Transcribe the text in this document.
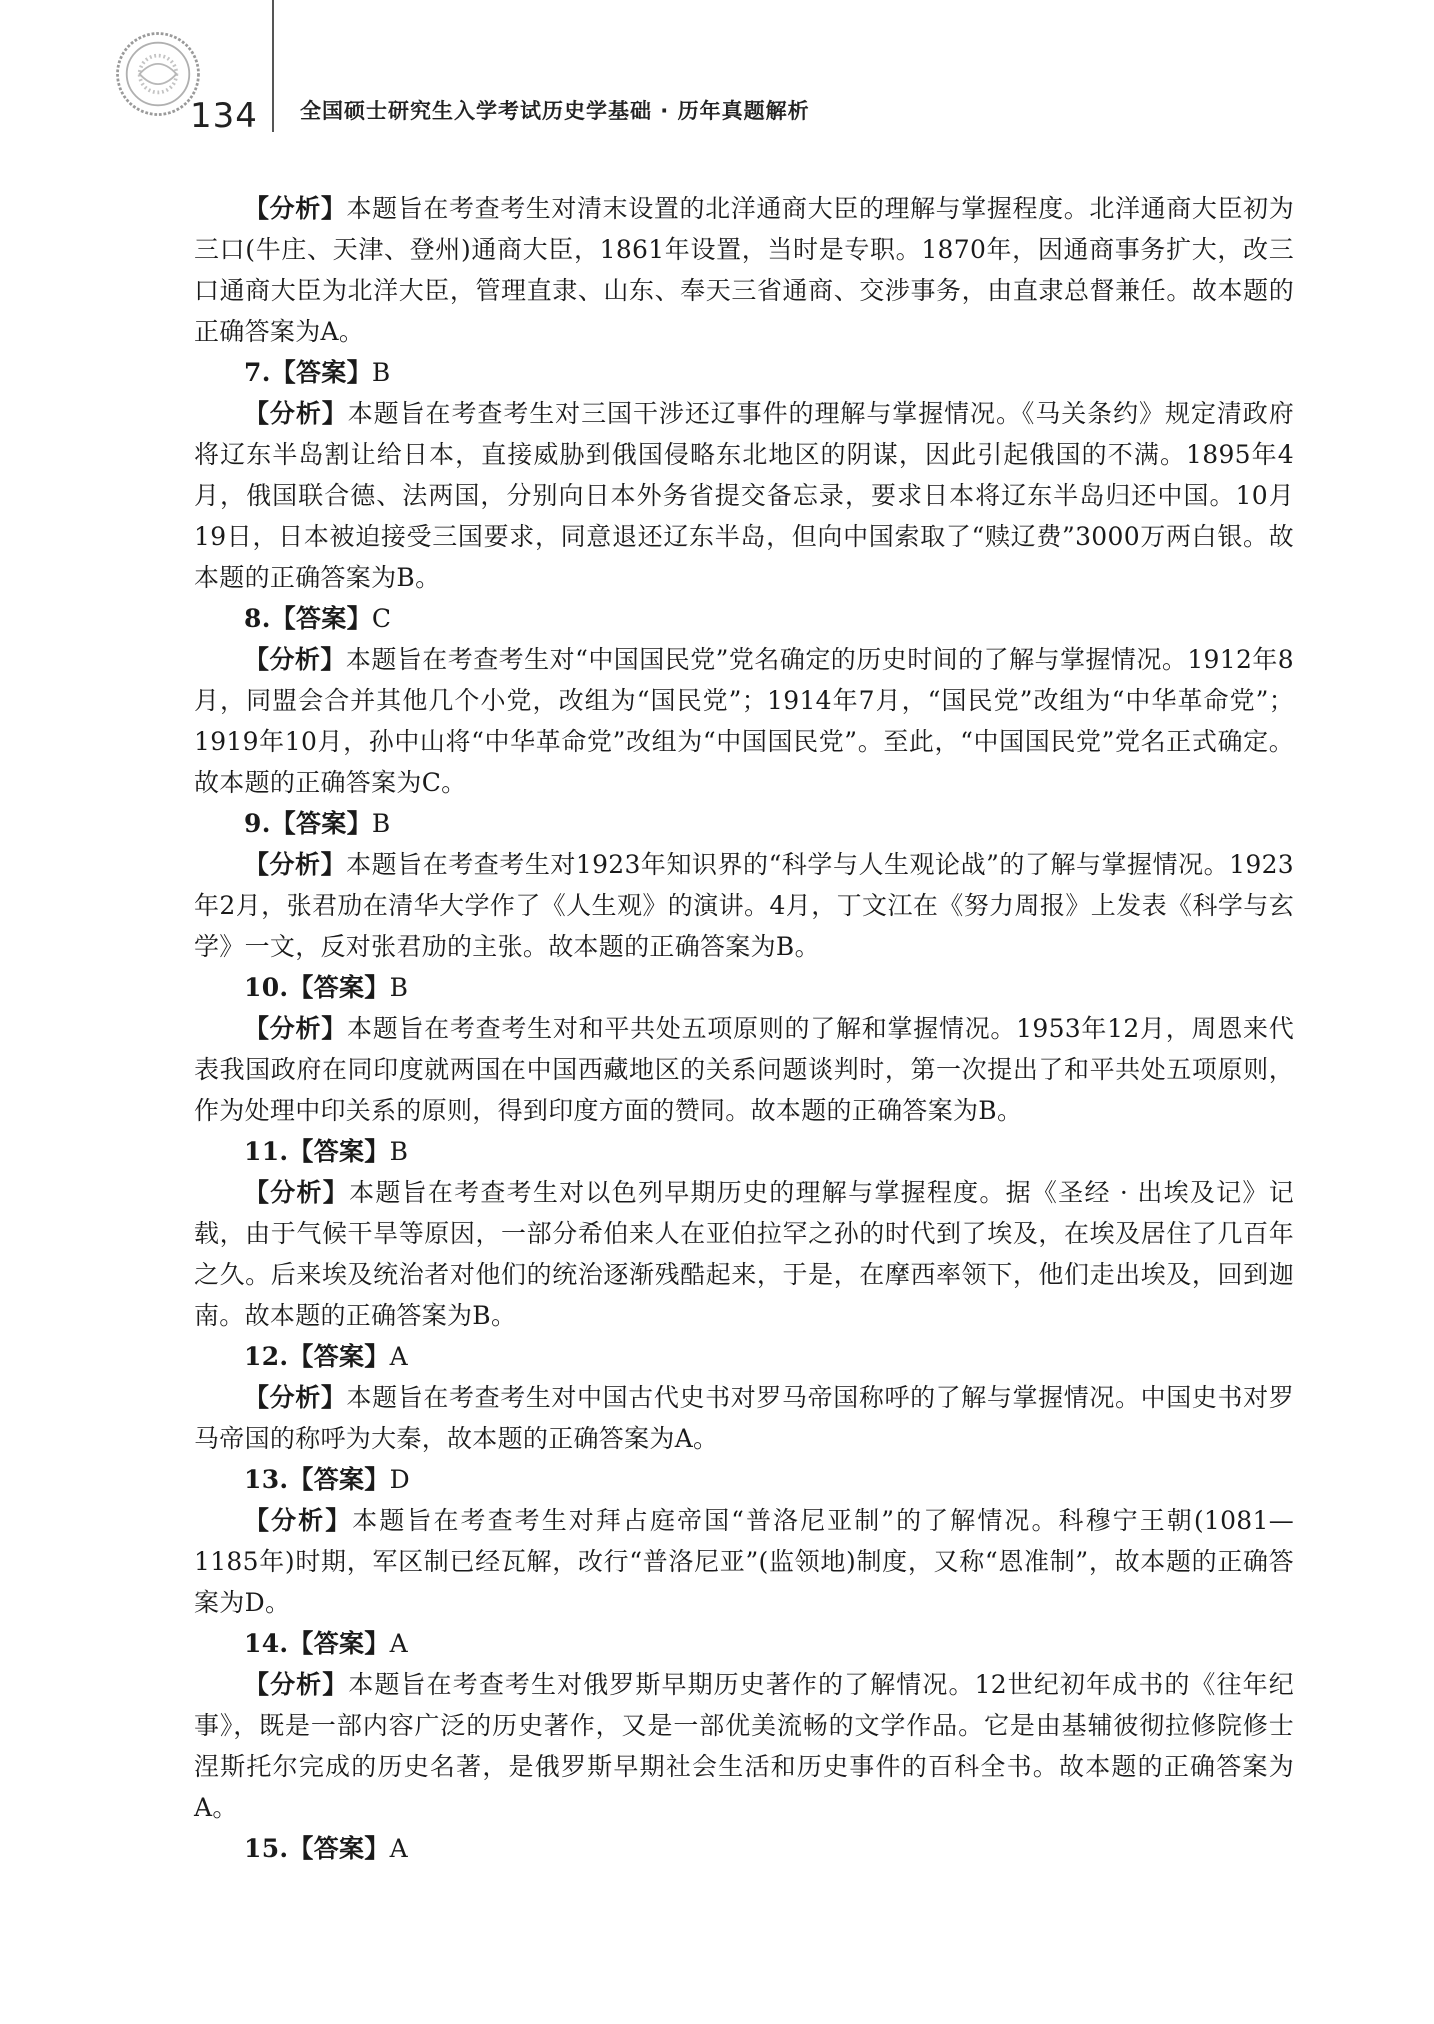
134 全国硕士研究生入学考试历史学基础 · 历年真题解析

【分析】本题旨在考查考生对清末设置的北洋通商大臣的理解与掌握程度。北洋通商大臣初为三口(牛庄、天津、登州)通商大臣，1861年设置，当时是专职。1870年，因通商事务扩大，改三口通商大臣为北洋大臣，管理直隶、山东、奉天三省通商、交涉事务，由直隶总督兼任。故本题的正确答案为A。

7.【答案】B

【分析】本题旨在考查考生对三国干涉还辽事件的理解与掌握情况。《马关条约》规定清政府将辽东半岛割让给日本，直接威胁到俄国侵略东北地区的阴谋，因此引起俄国的不满。1895年4月，俄国联合德、法两国，分别向日本外务省提交备忘录，要求日本将辽东半岛归还中国。10月19日，日本被迫接受三国要求，同意退还辽东半岛，但向中国索取了“赎辽费”3000万两白银。故本题的正确答案为B。

8.【答案】C

【分析】本题旨在考查考生对“中国国民党”党名确定的历史时间的了解与掌握情况。1912年8月，同盟会合并其他几个小党，改组为“国民党”；1914年7月，“国民党”改组为“中华革命党”；1919年10月，孙中山将“中华革命党”改组为“中国国民党”。至此，“中国国民党”党名正式确定。故本题的正确答案为C。

9.【答案】B

【分析】本题旨在考查考生对1923年知识界的“科学与人生观论战”的了解与掌握情况。1923年2月，张君劢在清华大学作了《人生观》的演讲。4月，丁文江在《努力周报》上发表《科学与玄学》一文，反对张君劢的主张。故本题的正确答案为B。

10.【答案】B

【分析】本题旨在考查考生对和平共处五项原则的了解和掌握情况。1953年12月，周恩来代表我国政府在同印度就两国在中国西藏地区的关系问题谈判时，第一次提出了和平共处五项原则，作为处理中印关系的原则，得到印度方面的赞同。故本题的正确答案为B。

11.【答案】B

【分析】本题旨在考查考生对以色列早期历史的理解与掌握程度。据《圣经 · 出埃及记》记载，由于气候干旱等原因，一部分希伯来人在亚伯拉罕之孙的时代到了埃及，在埃及居住了几百年之久。后来埃及统治者对他们的统治逐渐残酷起来，于是，在摩西率领下，他们走出埃及，回到迦南。故本题的正确答案为B。

12.【答案】A

【分析】本题旨在考查考生对中国古代史书对罗马帝国称呼的了解与掌握情况。中国史书对罗马帝国的称呼为大秦，故本题的正确答案为A。

13.【答案】D

【分析】本题旨在考查考生对拜占庭帝国“普洛尼亚制”的了解情况。科穆宁王朝(1081—1185年)时期，军区制已经瓦解，改行“普洛尼亚”(监领地)制度，又称“恩准制”，故本题的正确答案为D。

14.【答案】A

【分析】本题旨在考查考生对俄罗斯早期历史著作的了解情况。12世纪初年成书的《往年纪事》，既是一部内容广泛的历史著作，又是一部优美流畅的文学作品。它是由基辅彼彻拉修院修士涅斯托尔完成的历史名著，是俄罗斯早期社会生活和历史事件的百科全书。故本题的正确答案为A。

15.【答案】A
